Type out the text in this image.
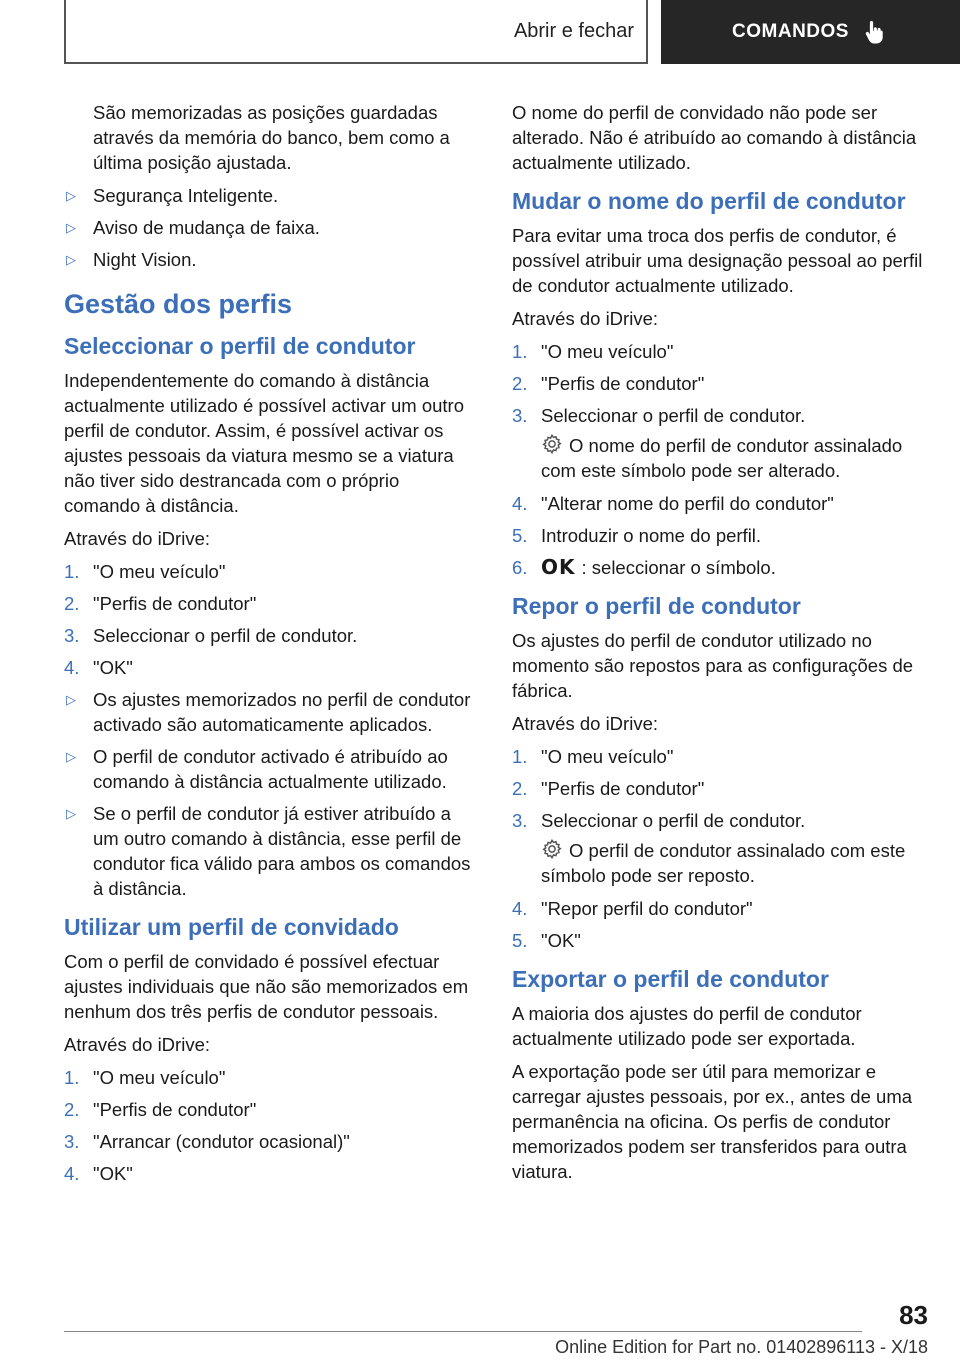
Abrir e fechar	COMANDOS

São memorizadas as posições guardadas através da memória do banco, bem como a última posição ajustada.

▷ Segurança Inteligente.
▷ Aviso de mudança de faixa.
▷ Night Vision.
Gestão dos perfis
Seleccionar o perfil de condutor

Independentemente do comando à distância actualmente utilizado é possível activar um outro perfil de condutor. Assim, é possível activar os ajustes pessoais da viatura mesmo se a viatura não tiver sido destrancada com o próprio comando à distância.

Através do iDrive:

1. "O meu veículo"
2. "Perfis de condutor"
3. Seleccionar o perfil de condutor.
4. "OK"
▷ Os ajustes memorizados no perfil de condutor activado são automaticamente aplicados.
▷ O perfil de condutor activado é atribuído ao comando à distância actualmente utilizado.
▷ Se o perfil de condutor já estiver atribuído a um outro comando à distância, esse perfil de condutor fica válido para ambos os comandos à distância.
Utilizar um perfil de convidado

Com o perfil de convidado é possível efectuar ajustes individuais que não são memorizados em nenhum dos três perfis de condutor pessoais.

Através do iDrive:

1. "O meu veículo"
2. "Perfis de condutor"
3. "Arrancar (condutor ocasional)"
4. "OK"

O nome do perfil de convidado não pode ser alterado. Não é atribuído ao comando à distância actualmente utilizado.

Mudar o nome do perfil de condutor

Para evitar uma troca dos perfis de condutor, é possível atribuir uma designação pessoal ao perfil de condutor actualmente utilizado.

Através do iDrive:

1. "O meu veículo"
2. "Perfis de condutor"
3. Seleccionar o perfil de condutor.

O nome do perfil de condutor assinalado com este símbolo pode ser alterado.

4. "Alterar nome do perfil do condutor"
5. Introduzir o nome do perfil.
6. OK : seleccionar o símbolo.
Repor o perfil de condutor

Os ajustes do perfil de condutor utilizado no momento são repostos para as configurações de fábrica.

Através do iDrive:

1. "O meu veículo"
2. "Perfis de condutor"
3. Seleccionar o perfil de condutor.

O perfil de condutor assinalado com este símbolo pode ser reposto.

4. "Repor perfil do condutor"
5. "OK"
Exportar o perfil de condutor

A maioria dos ajustes do perfil de condutor actualmente utilizado pode ser exportada.

A exportação pode ser útil para memorizar e carregar ajustes pessoais, por ex., antes de uma permanência na oficina. Os perfis de condutor memorizados podem ser transferidos para outra viatura.

83
Online Edition for Part no. 01402896113 - X/18
